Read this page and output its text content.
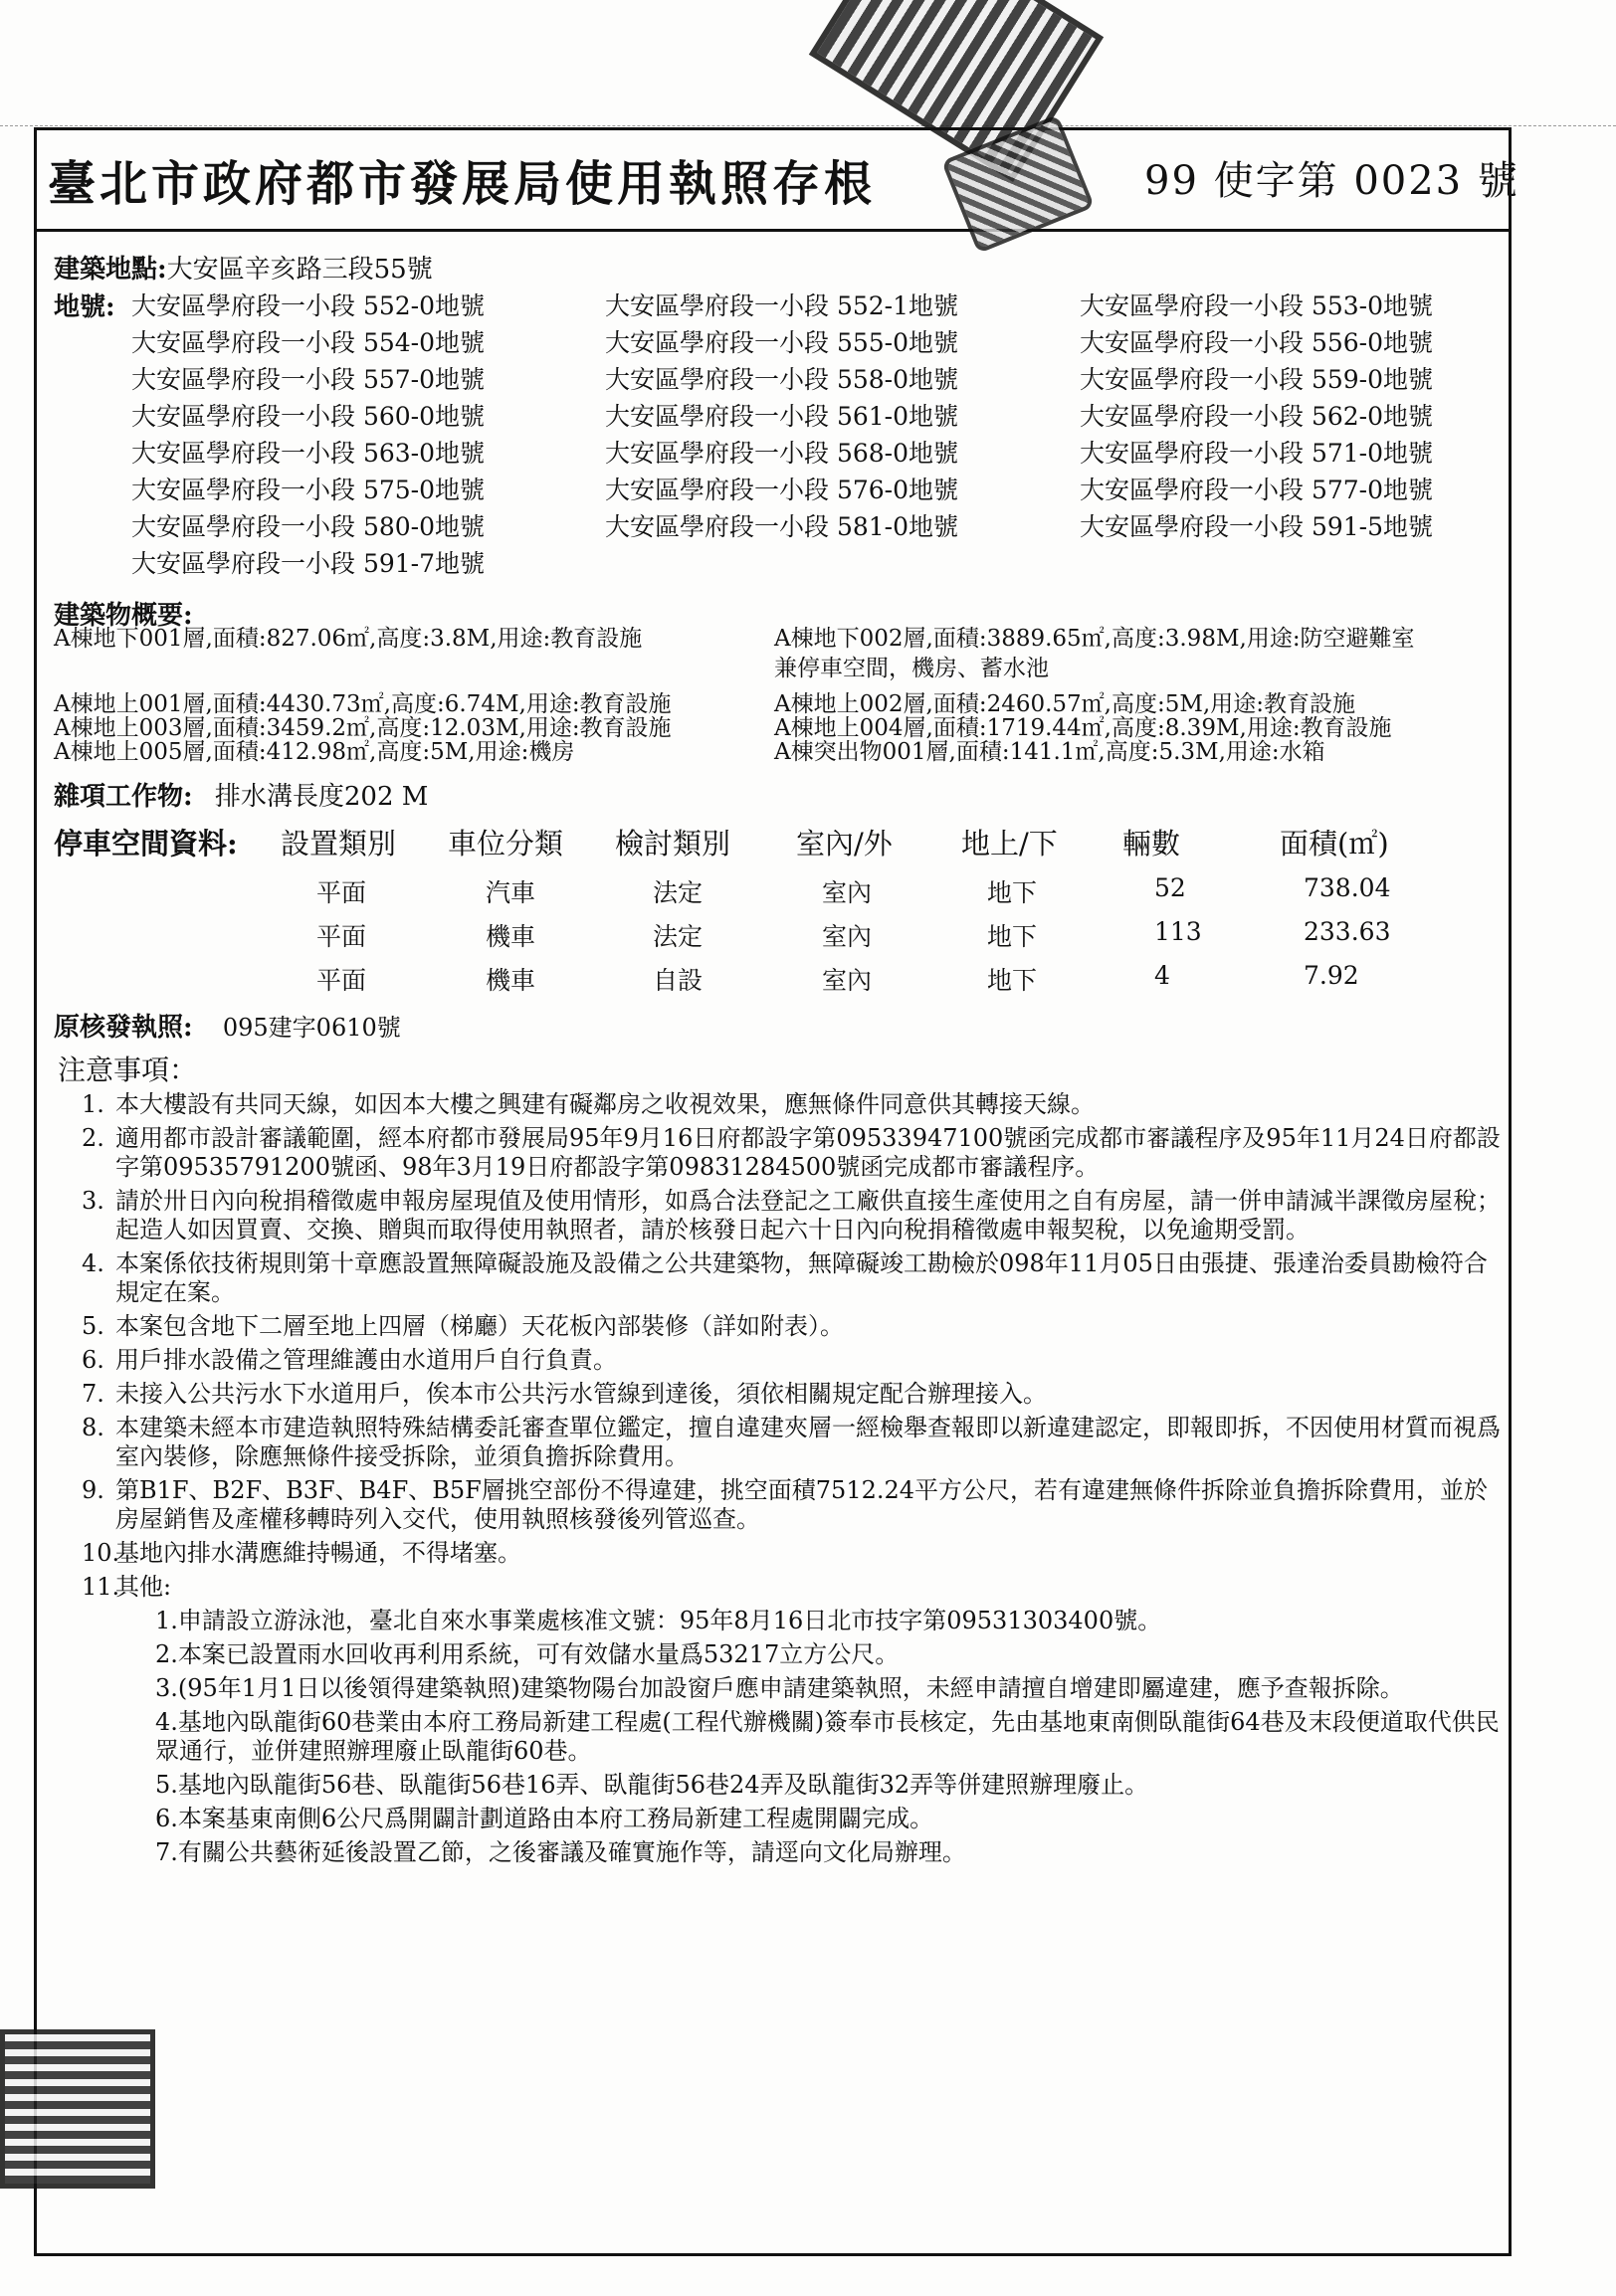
臺北市政府都市發展局使用執照存根	99 使字第 0023 號
建築地點:大安區辛亥路三段55號
地號: 大安區學府段一小段 552-0地號	大安區學府段一小段 552-1地號	大安區學府段一小段 553-0地號
大安區學府段一小段 554-0地號	大安區學府段一小段 555-0地號	大安區學府段一小段 556-0地號
大安區學府段一小段 557-0地號	大安區學府段一小段 558-0地號	大安區學府段一小段 559-0地號
大安區學府段一小段 560-0地號	大安區學府段一小段 561-0地號	大安區學府段一小段 562-0地號
大安區學府段一小段 563-0地號	大安區學府段一小段 568-0地號	大安區學府段一小段 571-0地號
大安區學府段一小段 575-0地號	大安區學府段一小段 576-0地號	大安區學府段一小段 577-0地號
大安區學府段一小段 580-0地號	大安區學府段一小段 581-0地號	大安區學府段一小段 591-5地號
大安區學府段一小段 591-7地號
建築物概要:
A棟地下001層,面積:827.06㎡,高度:3.8M,用途:教育設施	A棟地下002層,面積:3889.65㎡,高度:3.98M,用途:防空避難室
兼停車空間，機房、蓄水池
A棟地上001層,面積:4430.73㎡,高度:6.74M,用途:教育設施	A棟地上002層,面積:2460.57㎡,高度:5M,用途:教育設施
A棟地上003層,面積:3459.2㎡,高度:12.03M,用途:教育設施	A棟地上004層,面積:1719.44㎡,高度:8.39M,用途:教育設施
A棟地上005層,面積:412.98㎡,高度:5M,用途:機房	A棟突出物001層,面積:141.1㎡,高度:5.3M,用途:水箱
雜項工作物: 排水溝長度202 M
停車空間資料: 設置類別 車位分類 檢討類別 室內/外 地上/下 輛數	面積(㎡)
平面	汽車	法定	室內	地下	52	738.04
平面	機車	法定	室內	地下	113	233.63
平面	機車	自設	室內	地下	4	7.92
原核發執照: 095建字0610號
注意事項：
1. 本大樓設有共同天線，如因本大樓之興建有礙鄰房之收視效果，應無條件同意供其轉接天線。
2. 適用都市設計審議範圍，經本府都市發展局95年9月16日府都設字第09533947100號函完成都市審議程序及95年11月24日府都設字第09535791200號函、98年3月19日府都設字第09831284500號函完成都市審議程序。
3. 請於卅日內向稅捐稽徵處申報房屋現值及使用情形，如爲合法登記之工廠供直接生產使用之自有房屋，請一併申請減半課徵房屋稅；起造人如因買賣、交換、贈與而取得使用執照者，請於核發日起六十日內向稅捐稽徵處申報契稅，以免逾期受罰。
4. 本案係依技術規則第十章應設置無障礙設施及設備之公共建築物，無障礙竣工勘檢於098年11月05日由張捷、張達治委員勘檢符合規定在案。
5. 本案包含地下二層至地上四層（梯廳）天花板內部裝修（詳如附表）。
6. 用戶排水設備之管理維護由水道用戶自行負責。
7. 未接入公共污水下水道用戶，俟本市公共污水管線到達後，須依相關規定配合辦理接入。
8. 本建築未經本市建造執照特殊結構委託審查單位鑑定，擅自違建夾層一經檢舉查報即以新違建認定，即報即拆，不因使用材質而視爲室內裝修，除應無條件接受拆除，並須負擔拆除費用。
9. 第B1F、B2F、B3F、B4F、B5F層挑空部份不得違建，挑空面積7512.24平方公尺，若有違建無條件拆除並負擔拆除費用，並於房屋銷售及產權移轉時列入交代，使用執照核發後列管巡查。
10.
基地內排水溝應維持暢通，不得堵塞。
11.
其他:
1.申請設立游泳池，臺北自來水事業處核准文號：95年8月16日北市技字第09531303400號。
2.本案已設置雨水回收再利用系統，可有效儲水量爲53217立方公尺。
3.(95年1月1日以後領得建築執照)建築物陽台加設窗戶應申請建築執照，未經申請擅自增建即屬違建，應予查報拆除。
4.基地內臥龍街60巷業由本府工務局新建工程處(工程代辦機關)簽奉市長核定，先由基地東南側臥龍街64巷及末段便道取代供民眾通行，並併建照辦理廢止臥龍街60巷。
5.基地內臥龍街56巷、臥龍街56巷16弄、臥龍街56巷24弄及臥龍街32弄等併建照辦理廢止。
6.本案基東南側6公尺爲開闢計劃道路由本府工務局新建工程處開闢完成。
7.有關公共藝術延後設置乙節，之後審議及確實施作等，請逕向文化局辦理。
